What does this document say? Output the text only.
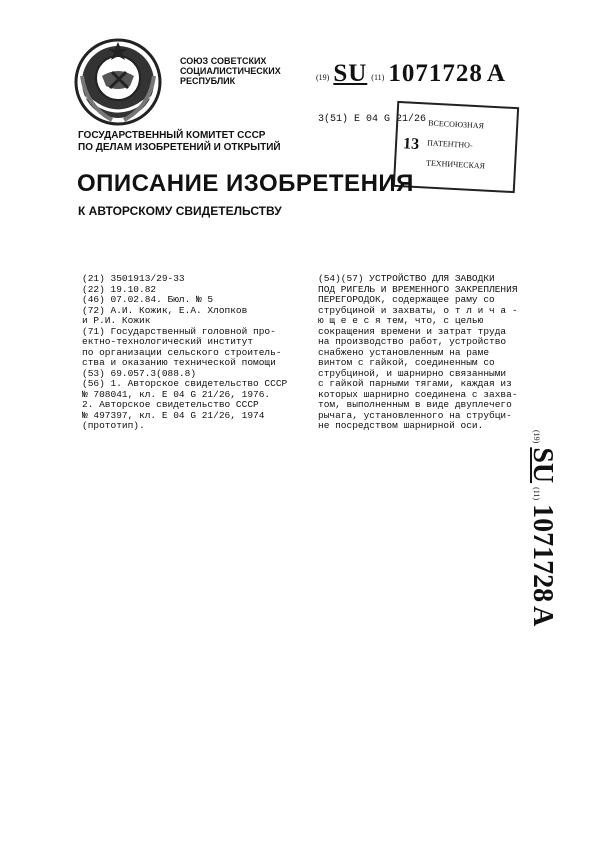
СОЮЗ СОВЕТСКИХ
СОЦИАЛИСТИЧЕСКИХ
РЕСПУБЛИК	(19) SU (11) 1071728 A
3(51) Е 04 G 21/26
13
ВСЕСОЮЗНАЯ
ПАТЕНТНО-
ТЕХНИЧЕСКАЯ
ГОСУДАРСТВЕННЫЙ КОМИТЕТ СССР
ПО ДЕЛАМ ИЗОБРЕТЕНИЙ И ОТКРЫТИЙ
ОПИСАНИЕ ИЗОБРЕТЕНИЯ
К АВТОРСКОМУ СВИДЕТЕЛЬСТВУ
(21) 3501913/29-33
(22) 19.10.82
(46) 07.02.84. Бюл. № 5
(72) А.И. Кожик, Е.А. Хлопков
и Р.И. Кожик
(71) Государственный головной про-
ектно-технологический институт
по организации сельского строитель-
ства и оказанию технической помощи
(53) 69.057.3(088.8)
(56) 1. Авторское свидетельство СССР
№ 708041, кл. Е 04 G 21/26, 1976.
2. Авторское свидетельство СССР
№ 497397, кл. Е 04 G 21/26, 1974
(прототип).
(54)(57) УСТРОЙСТВО ДЛЯ ЗАВОДКИ
ПОД РИГЕЛЬ И ВРЕМЕННОГО ЗАКРЕПЛЕНИЯ
ПЕРЕГОРОДОК, содержащее раму со
струбциной и захваты, о т л и ч а -
ю щ е е с я тем, что, с целью
сокращения времени и затрат труда
на производство работ, устройство
снабжено установленным на раме
винтом с гайкой, соединенным со
струбциной, и шарнирно связанными
с гайкой парными тягами, каждая из
которых шарнирно соединена с захва-
том, выполненным в виде двуплечего
рычага, установленного на струбци-
не посредством шарнирной оси.
(19) SU (11) 1071728 A
